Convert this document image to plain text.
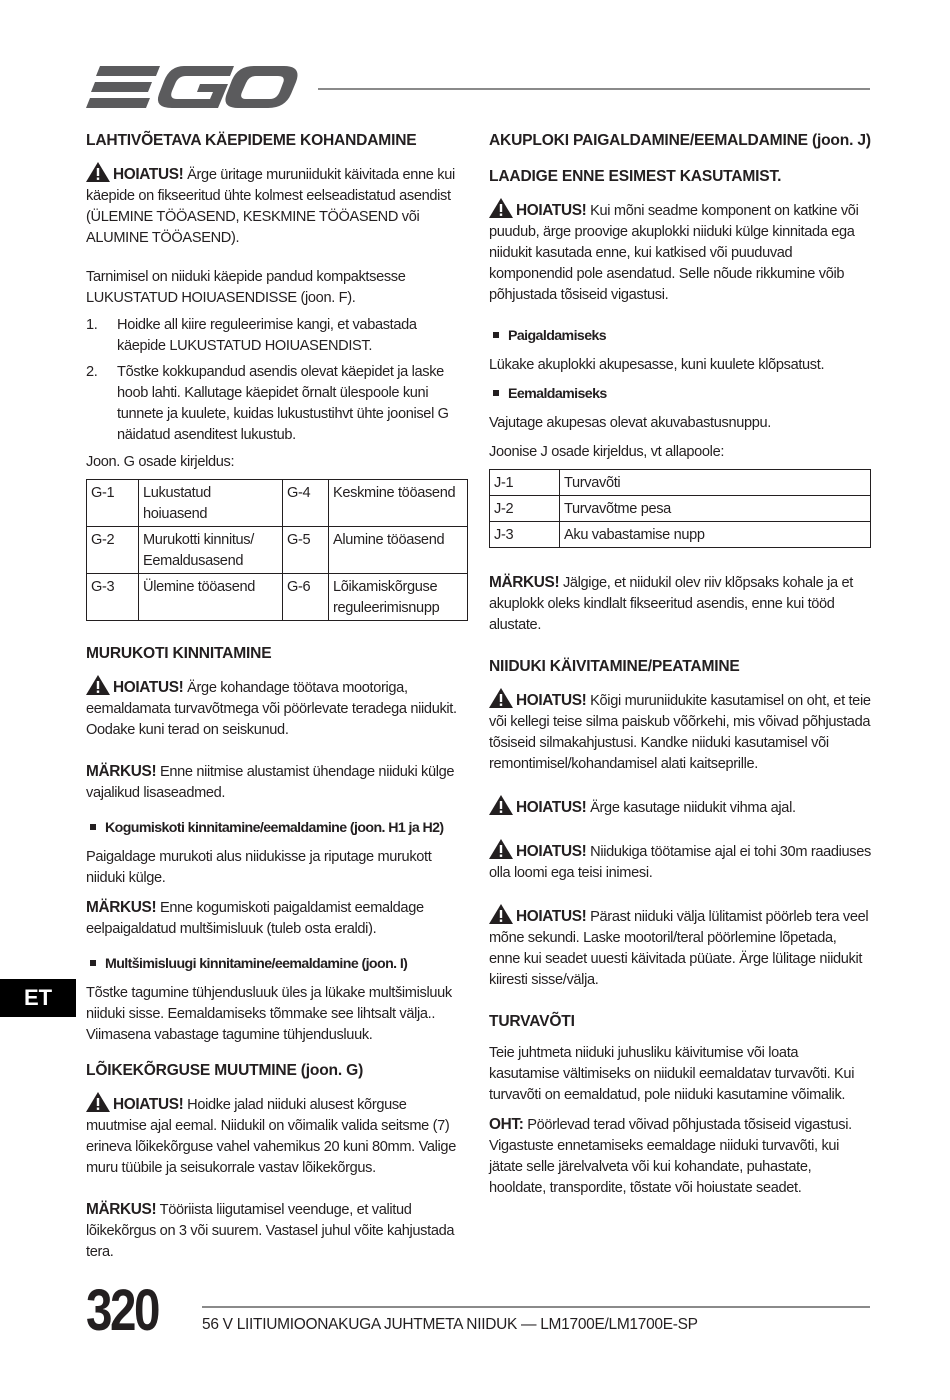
LAHTIVÕETAVA KÄEPIDEME KOHANDAMINE

HOIATUS! Ärge üritage muruniidukit käivitada enne kui käepide on fikseeritud ühte kolmest eelseadistatud asendist (ÜLEMINE TÖÖASEND, KESKMINE TÖÖASEND või ALUMINE TÖÖASEND).

Tarnimisel on niiduki käepide pandud kompaktsesse LUKUSTATUD HOIUASENDISSE (joon. F).

1. Hoidke all kiire reguleerimise kangi, et vabastada käepide LUKUSTATUD HOIUASENDIST.
2. Tõstke kokkupandud asendis olevat käepidet ja laske hoob lahti. Kallutage käepidet õrnalt ülespoole kuni tunnete ja kuulete, kuidas lukustustihvt ühte joonisel G näidatud asenditest lukustub.

Joon. G osade kirjeldus:

G-1	Lukustatud hoiuasend	G-4	Keskmine tööasend
G-2	Murukotti kinnitus/ Eemaldusasend	G-5	Alumine tööasend
G-3	Ülemine tööasend	G-6	Lõikamiskõrguse reguleerimisnupp
MURUKOTI KINNITAMINE

HOIATUS! Ärge kohandage töötava mootoriga, eemaldamata turvavõtmega või pöörlevate teradega niidukit. Oodake kuni terad on seiskunud.

MÄRKUS! Enne niitmise alustamist ühendage niiduki külge vajalikud lisaseadmed.

Kogumiskoti kinnitamine/eemaldamine (joon. H1 ja H2)

Paigaldage murukoti alus niidukisse ja riputage murukott niiduki külge.

MÄRKUS! Enne kogumiskoti paigaldamist eemaldage eelpaigaldatud multšimisluuk (tuleb osta eraldi).

Multšimisluugi kinnitamine/eemaldamine (joon. I)

Tõstke tagumine tühjendusluuk üles ja lükake multšimisluuk niiduki sisse. Eemaldamiseks tõmmake see lihtsalt välja.. Viimasena vabastage tagumine tühjendusluuk.

LÕIKEKÕRGUSE MUUTMINE (joon. G)

HOIATUS! Hoidke jalad niiduki alusest kõrguse muutmise ajal eemal. Niidukil on võimalik valida seitsme (7) erineva lõikekõrguse vahel vahemikus 20 kuni 80mm. Valige muru tüübile ja seisukorrale vastav lõikekõrgus.

MÄRKUS! Tööriista liigutamisel veenduge, et valitud lõikekõrgus on 3 või suurem. Vastasel juhul võite kahjustada tera.

AKUPLOKI PAIGALDAMINE/EEMALDAMINE (joon. J)
LAADIGE ENNE ESIMEST KASUTAMIST.

HOIATUS! Kui mõni seadme komponent on katkine või puudub, ärge proovige akuplokki niiduki külge kinnitada ega niidukit kasutada enne, kui katkised või puuduvad komponendid pole asendatud. Selle nõude rikkumine võib põhjustada tõsiseid vigastusi.

Paigaldamiseks

Lükake akuplokki akupesasse, kuni kuulete klõpsatust.

Eemaldamiseks

Vajutage akupesas olevat akuvabastusnuppu.

Joonise J osade kirjeldus, vt allapoole:

J-1	Turvavõti
J-2	Turvavõtme pesa
J-3	Aku vabastamise nupp

MÄRKUS! Jälgige, et niidukil olev riiv klõpsaks kohale ja et akuplokk oleks kindlalt fikseeritud asendis, enne kui tööd alustate.

NIIDUKI KÄIVITAMINE/PEATAMINE

HOIATUS! Kõigi muruniidukite kasutamisel on oht, et teie või kellegi teise silma paiskub võõrkehi, mis võivad põhjustada tõsiseid silmakahjustusi. Kandke niiduki kasutamisel või remontimisel/kohandamisel alati kaitseprille.

HOIATUS! Ärge kasutage niidukit vihma ajal.

HOIATUS! Niidukiga töötamise ajal ei tohi 30m raadiuses olla loomi ega teisi inimesi.

HOIATUS! Pärast niiduki välja lülitamist pöörleb tera veel mõne sekundi. Laske mootoril/teral pöörlemine lõpetada, enne kui seadet uuesti käivitada püüate. Ärge lülitage niidukit kiiresti sisse/välja.

TURVAVÕTI

Teie juhtmeta niiduki juhusliku käivitumise või loata kasutamise vältimiseks on niidukil eemaldatav turvavõti. Kui turvavõti on eemaldatud, pole niiduki kasutamine võimalik.

OHT: Pöörlevad terad võivad põhjustada tõsiseid vigastusi. Vigastuste ennetamiseks eemaldage niiduki turvavõti, kui jätate selle järelvalveta või kui kohandate, puhastate, hooldate, transpordite, tõstate või hoiustate seadet.

ET
320	56 V LIITIUMIOONAKUGA JUHTMETA NIIDUK — LM1700E/LM1700E-SP
